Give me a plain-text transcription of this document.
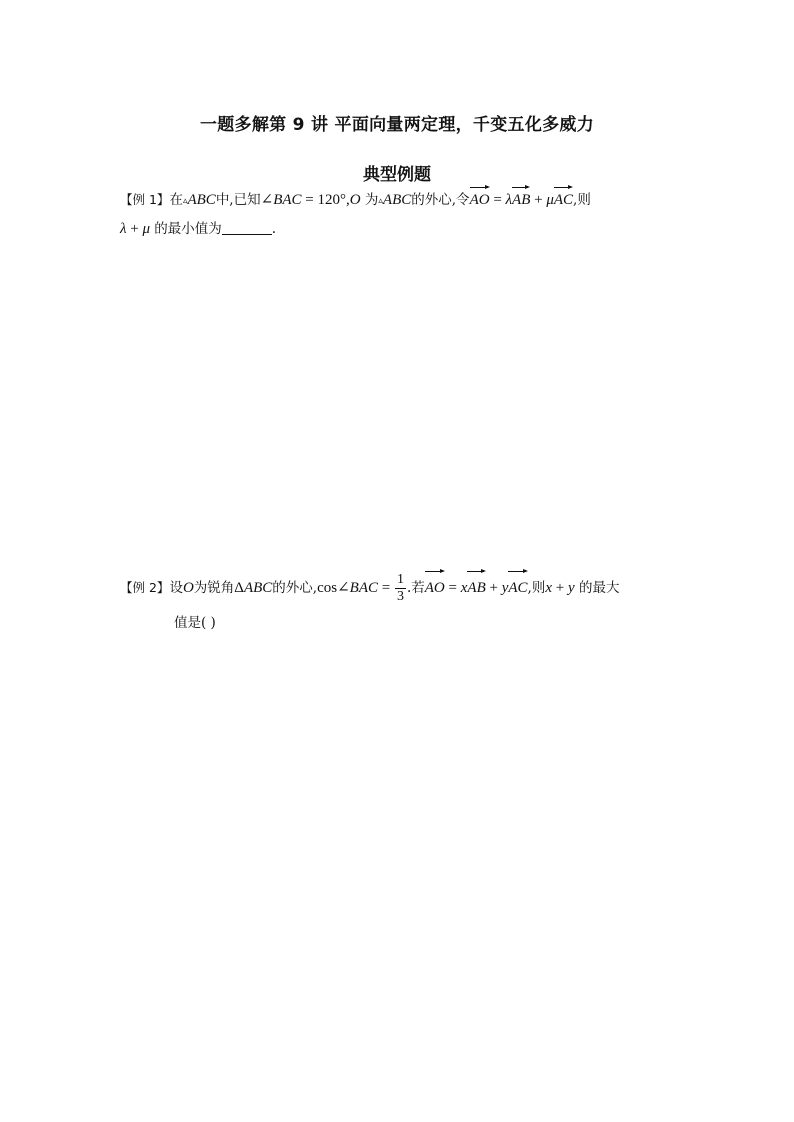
一题多解第 9 讲 平面向量两定理，千变五化多威力
典型例题
【例 1】在▵ABC中,已知∠BAC = 120°,O 为▵ABC的外心,令
AO = λ
AB + μ
AC,则
λ + μ 的最小值为	.
【例 2】设O为锐角ΔABC的外心,cos∠BAC = $\frac{1}{3}$ .若
AO = x
AB + y
AC,则x + y 的最大
值是( )
